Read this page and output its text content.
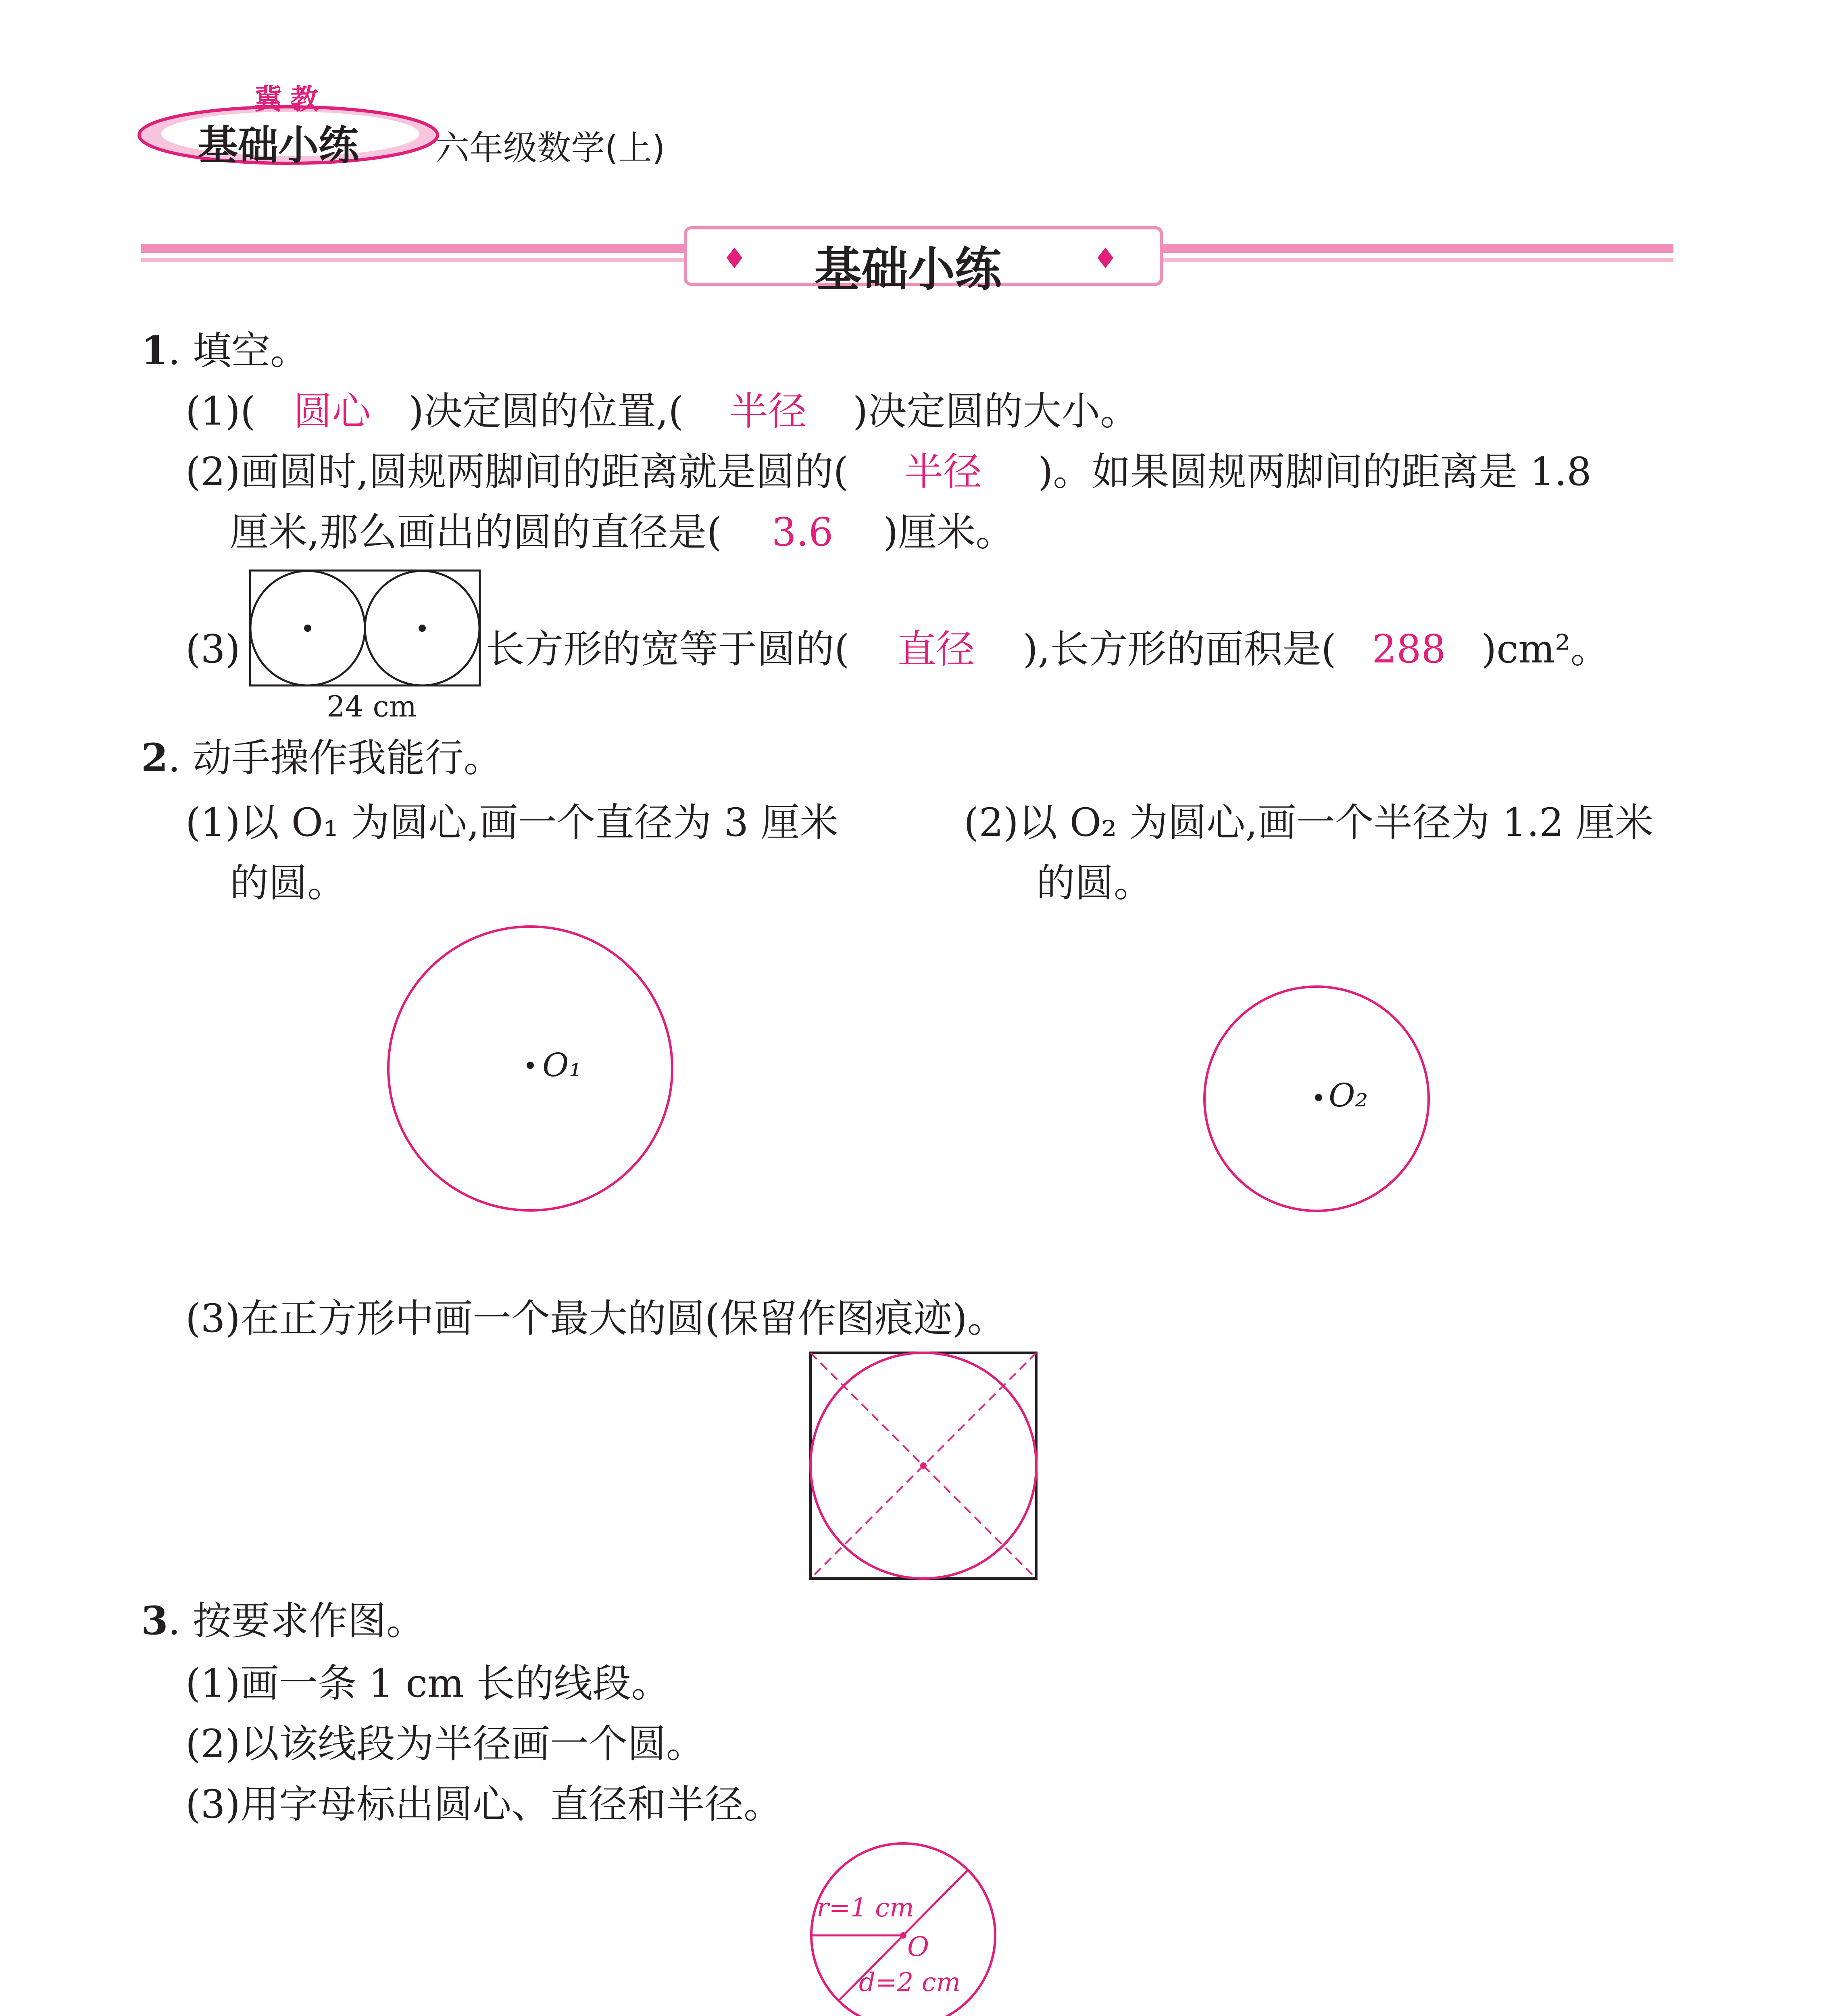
冀教
基础小练 六年级数学(上)
♦	♦
基础小练
1. 填空。
(1)( 圆心 )决定圆的位置,( 半径 )决定圆的大小。
(2)画圆时,圆规两脚间的距离就是圆的( 半径 )。如果圆规两脚间的距离是 1.8
厘米,那么画出的圆的直径是( 3.6 )厘米。
(3)
24 cm
长方形的宽等于圆的( 直径 ),长方形的面积是( 288 )cm²。
2. 动手操作我能行。
(1)以 O₁ 为圆心,画一个直径为 3 厘米
的圆。
(2)以 O₂ 为圆心,画一个半径为 1.2 厘米
的圆。
O₁
O₂
(3)在正方形中画一个最大的圆(保留作图痕迹)。
3. 按要求作图。
(1)画一条 1 cm 长的线段。
(2)以该线段为半径画一个圆。
(3)用字母标出圆心、直径和半径。
r=1 cm
O
d=2 cm
